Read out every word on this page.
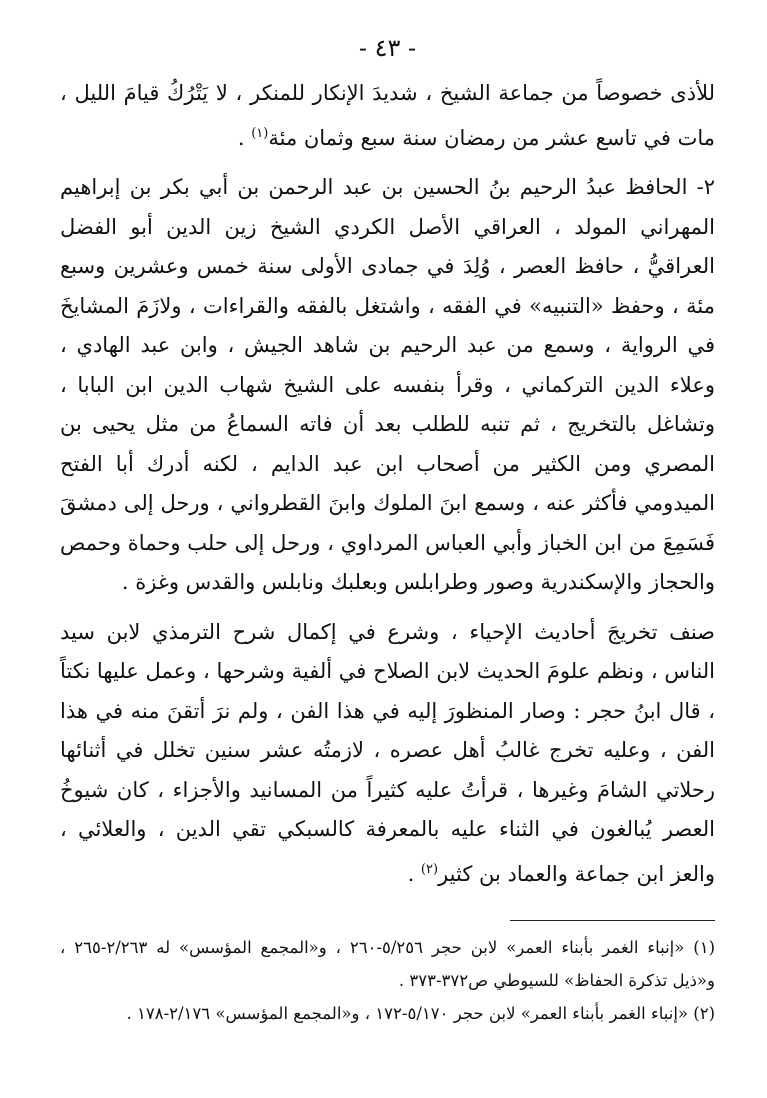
- ٤٣ -

للأذى خصوصاً من جماعة الشيخ ، شديدَ الإنكار للمنكر ، لا يَتْرُكُ قيامَ الليل ، مات في تاسع عشر من رمضان سنة سبع وثمان مئة$^{(١)}$ .

٢- الحافظ عبدُ الرحيم بنُ الحسين بن عبد الرحمن بن أبي بكر بن إبراهيم المهراني المولد ، العراقي الأصل الكردي الشيخ زين الدين أبو الفضل العراقيُّ ، حافظ العصر ، وُلِدَ في جمادى الأولى سنة خمس وعشرين وسبع مئة ، وحفظ «التنبيه» في الفقه ، واشتغل بالفقه والقراءات ، ولازَمَ المشايخَ في الرواية ، وسمع من عبد الرحيم بن شاهد الجيش ، وابن عبد الهادي ، وعلاء الدين التركماني ، وقرأ بنفسه على الشيخ شهاب الدين ابن البابا ، وتشاغل بالتخريج ، ثم تنبه للطلب بعد أن فاته السماعُ من مثل يحيى بن المصري ومن الكثير من أصحاب ابن عبد الدايم ، لكنه أدرك أبا الفتح الميدومي فأكثر عنه ، وسمع ابنَ الملوك وابنَ القطرواني ، ورحل إلى دمشقَ فَسَمِعَ من ابن الخباز وأبي العباس المرداوي ، ورحل إلى حلب وحماة وحمص والحجاز والإسكندرية وصور وطرابلس وبعلبك ونابلس والقدس وغزة .

صنف تخريجَ أحاديث الإحياء ، وشرع في إكمال شرح الترمذي لابن سيد الناس ، ونظم علومَ الحديث لابن الصلاح في ألفية وشرحها ، وعمل عليها نكتاً ، قال ابنُ حجر : وصار المنظورَ إليه في هذا الفن ، ولم نرَ أتقنَ منه في هذا الفن ، وعليه تخرج غالبُ أهل عصره ، لازمتُه عشر سنين تخلل في أثنائها رحلاتي الشامَ وغيرها ، قرأتُ عليه كثيراً من المسانيد والأجزاء ، كان شيوخُ العصر يُبالغون في الثناء عليه بالمعرفة كالسبكي تقي الدين ، والعلائي ، والعز ابن جماعة والعماد بن كثير$^{(٢)}$ .

(١) «إنباء الغمر بأبناء العمر» لابن حجر ٥/٢٥٦-٢٦٠ ، و«المجمع المؤسس» له ٢/٢٦٣-٢٦٥ ، و«ذيل تذكرة الحفاظ» للسيوطي ص٣٧٢-٣٧٣ .

(٢) «إنباء الغمر بأبناء العمر» لابن حجر ٥/١٧٠-١٧٢ ، و«المجمع المؤسس» ٢/١٧٦-١٧٨ .
